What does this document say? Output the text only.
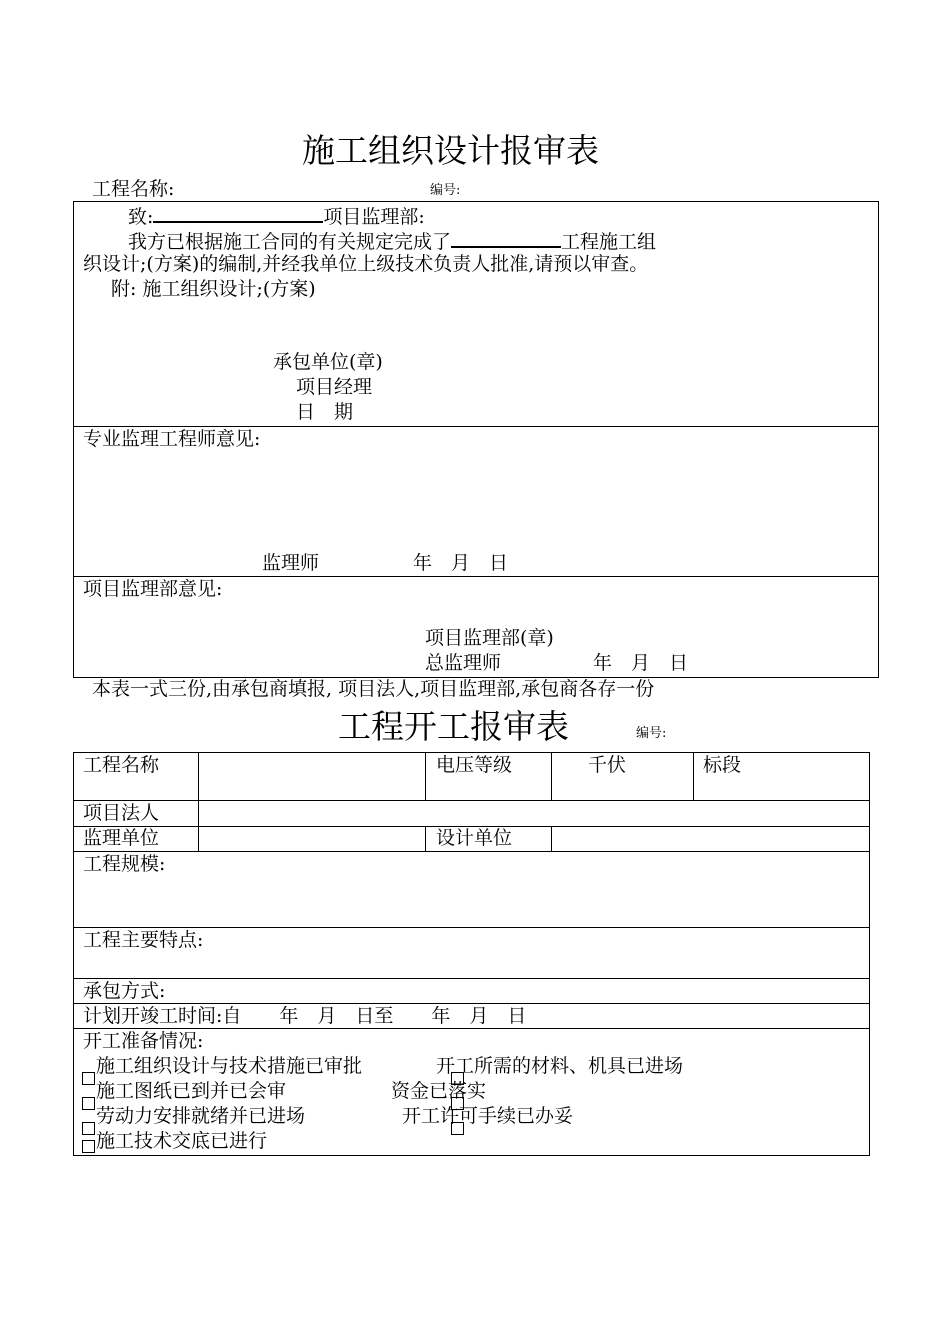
施工组织设计报审表
工程名称:	编号:
致:	项目监理部:
我方已根据施工合同的有关规定完成了	工程施工组
织设计;(方案)的编制,并经我单位上级技术负责人批准,请预以审查。
附: 施工组织设计;(方案)
承包单位(章)
项目经理
日　期
专业监理工程师意见:
监理师	年　月　日
项目监理部意见:
项目监理部(章)
总监理师	年　月　日
本表一式三份,由承包商填报, 项目法人,项目监理部,承包商各存一份
工程开工报审表	编号:
工程名称	电压等级	千伏	标段
项目法人
监理单位	设计单位
工程规模:
工程主要特点:
承包方式:
计划开竣工时间:自　　年　月　日至　　年　月　日
开工准备情况:
施工组织设计与技术措施已审批	开工所需的材料、机具已进场
施工图纸已到并已会审	资金已落实
劳动力安排就绪并已进场	开工许可手续已办妥
施工技术交底已进行
